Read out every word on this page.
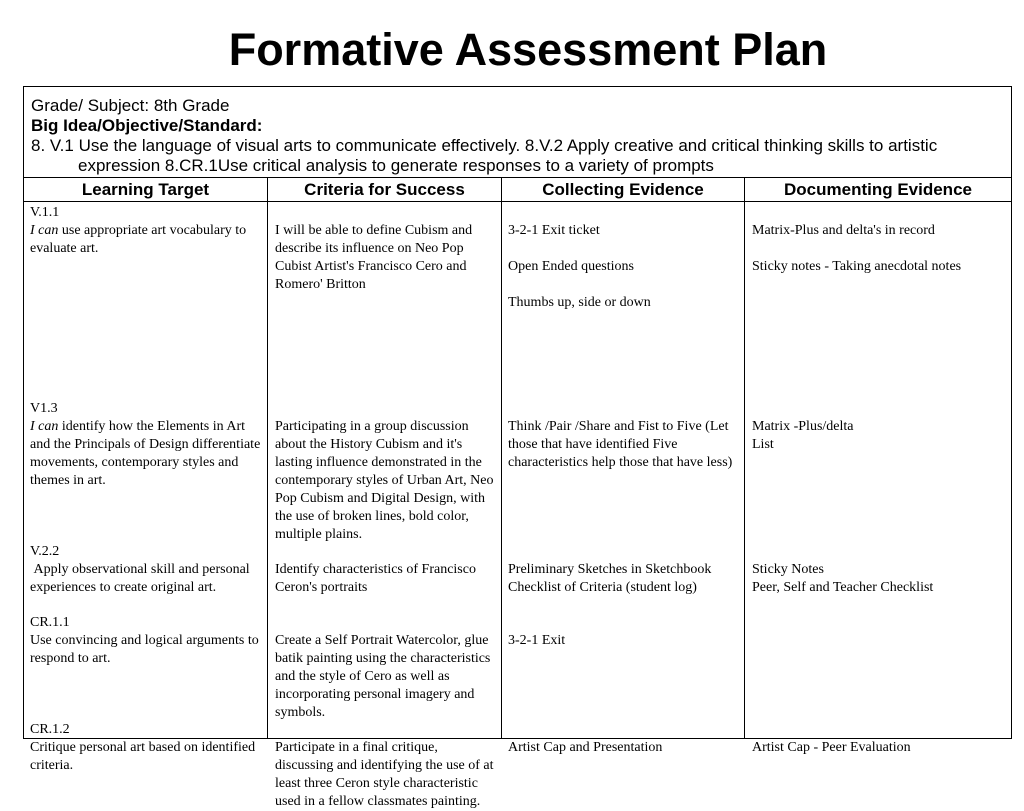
Formative Assessment Plan
Grade/ Subject: 8th Grade
Big Idea/Objective/Standard:
8. V.1 Use the language of visual arts to communicate effectively. 8.V.2 Apply creative and critical thinking skills to artistic expression 8.CR.1Use critical analysis to generate responses to a variety of prompts
Learning Target
V.1.1
I can use appropriate art vocabulary to evaluate art.
V1.3
I can identify how the Elements in Art and the Principals of Design differentiate movements, contemporary styles and themes in art.
V.2.2
Apply observational skill and personal experiences to create original art.
CR.1.1
Use convincing and logical arguments to respond to art.
CR.1.2
Critique personal art based on identified criteria.
Criteria for Success
I will be able to define Cubism and describe its influence on Neo Pop Cubist Artist's Francisco Cero and Romero' Britton
Participating in a group discussion about the History Cubism and it's lasting influence demonstrated in the contemporary styles of Urban Art, Neo Pop Cubism and Digital Design, with the use of broken lines, bold color, multiple plains.
Identify characteristics of Francisco Ceron's portraits
Create a Self Portrait Watercolor, glue batik painting using the characteristics and the style of Cero as well as incorporating personal imagery and symbols.
Participate in a final critique, discussing and identifying the use of at least three Ceron style characteristic used in a fellow classmates painting.
Collecting Evidence
3-2-1 Exit ticket
Open Ended questions
Thumbs up, side or down
Think /Pair /Share and Fist to Five (Let those that have identified Five characteristics help those that have less)
Preliminary Sketches in Sketchbook
Checklist of Criteria (student log)
3-2-1 Exit
Artist Cap and Presentation
Documenting Evidence
Matrix-Plus and delta's in record
Sticky notes - Taking anecdotal notes
Matrix -Plus/delta
List
Sticky Notes
Peer, Self and Teacher Checklist
Artist Cap - Peer Evaluation
